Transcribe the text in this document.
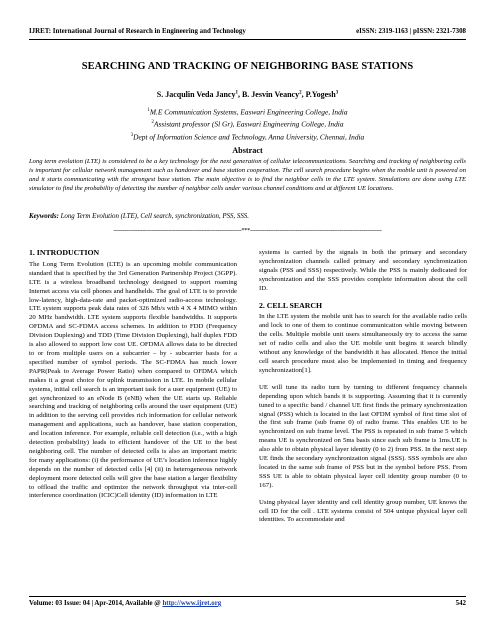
IJRET: International Journal of Research in Engineering and Technology	eISSN: 2319-1163 | pISSN: 2321-7308
SEARCHING AND TRACKING OF NEIGHBORING BASE STATIONS
S. Jacqulin Veda Jancy$^1$, B. Jesvin Veancy$^2$, P.Yogesh$^3$
$^1$M.E Communication Systems, Easwari Engineering College, India
$^2$Assistant professor (Sl Gr), Easwari Engineering College, India
$^3$Dept of Information Science and Technology, Anna University, Chennai, India
Abstract
Long term evolution (LTE) is considered to be a key technology for the next generation of cellular telecommunications. Searching and tracking of neighboring cells is important for cellular network management such as handover and base station cooperation. The cell search procedure begins when the mobile unit is powered on and it starts communicating with the strongest base station. The main objective is to find the neighbor cells in the LTE system. Simulations are done using LTE simulator to find the probability of detecting the number of neighbor cells under various channel conditions and at different UE locations.
Keywords: Long Term Evolution (LTE), Cell search, synchronization, PSS, SSS.
----------------------------------------------------------------------***------------------------------------------------------------------------
1. INTRODUCTION

The Long Term Evolution (LTE) is an upcoming mobile communication standard that is specified by the 3rd Generation Partnership Project (3GPP). LTE is a wireless broadband technology designed to support roaming Internet access via cell phones and handhelds. The goal of LTE is to provide low-latency, high-data-rate and packet-optimized radio-access technology. LTE system supports peak data rates of 326 Mb/s with 4 X 4 MIMO within 20 MHz bandwidth. LTE system supports flexible bandwidths. It supports OFDMA and SC-FDMA access schemes. In addition to FDD (Frequency Division Duplexing) and TDD (Time Division Duplexing), half duplex FDD is also allowed to support low cost UE. OFDMA allows data to be directed to or from multiple users on a subcarrier – by - subcarrier basis for a specified number of symbol periods. The SC-FDMA has much lower PAPR(Peak to Average Power Ratio) when compared to OFDMA which makes it a great choice for uplink transmission in LTE. In mobile cellular systems, initial cell search is an important task for a user equipment (UE) to get synchronized to an eNode B (eNB) when the UE starts up. Reliable searching and tracking of neighboring cells around the user equipment (UE) in addition to the serving cell provides rich information for cellular network management and applications, such as handover, base station cooperation, and location inference. For example, reliable cell detection (i.e., with a high detection probability) leads to efficient handover of the UE to the best neighboring cell. The number of detected cells is also an important metric for many applications: (i) the performance of UE’s location inference highly depends on the number of detected cells [4] (ii) in heterogeneous network deployment more detected cells will give the base station a larger flexibility to offload the traffic and optimize the network throughput via inter-cell interference coordination (ICIC)Cell identity (ID) information in LTE

systems is carried by the signals in both the primary and secondary synchronization channels called primary and secondary synchronization signals (PSS and SSS) respectively. While the PSS is mainly dedicated for synchronization and the SSS provides complete information about the cell ID.

2. CELL SEARCH

In the LTE system the mobile unit has to search for the available radio cells and lock to one of them to continue communication while moving between the cells. Multiple mobile unit users simultaneously try to access the same set of radio cells and also the UE mobile unit begins it search blindly without any knowledge of the bandwidth it has allocated. Hence the initial cell search procedure must also be implemented in timing and frequency synchronization[1].

UE will tune its radio turn by turning to different frequency channels depending upon which bands it is supporting. Assuming that it is currently tuned to a specific band / channel UE first finds the primary synchronization signal (PSS) which is located in the last OFDM symbol of first time slot of the first sub frame (sub frame 0) of radio frame. This enables UE to be synchronized on sub frame level. The PSS is repeated in sub frame 5 which means UE is synchronized on 5ms basis since each sub frame is 1ms.UE is also able to obtain physical layer identity (0 to 2) from PSS. In the next step UE finds the secondary synchronization signal (SSS). SSS symbols are also located in the same sub frame of PSS but in the symbol before PSS. From SSS UE is able to obtain physical layer cell identity group number (0 to 167).

Using physical layer identity and cell identity group number, UE knows the cell ID for the cell . LTE systems consist of 504 unique physical layer cell identities. To accommodate and

Volume: 03 Issue: 04 | Apr-2014, Available @ http://www.ijret.org	542
